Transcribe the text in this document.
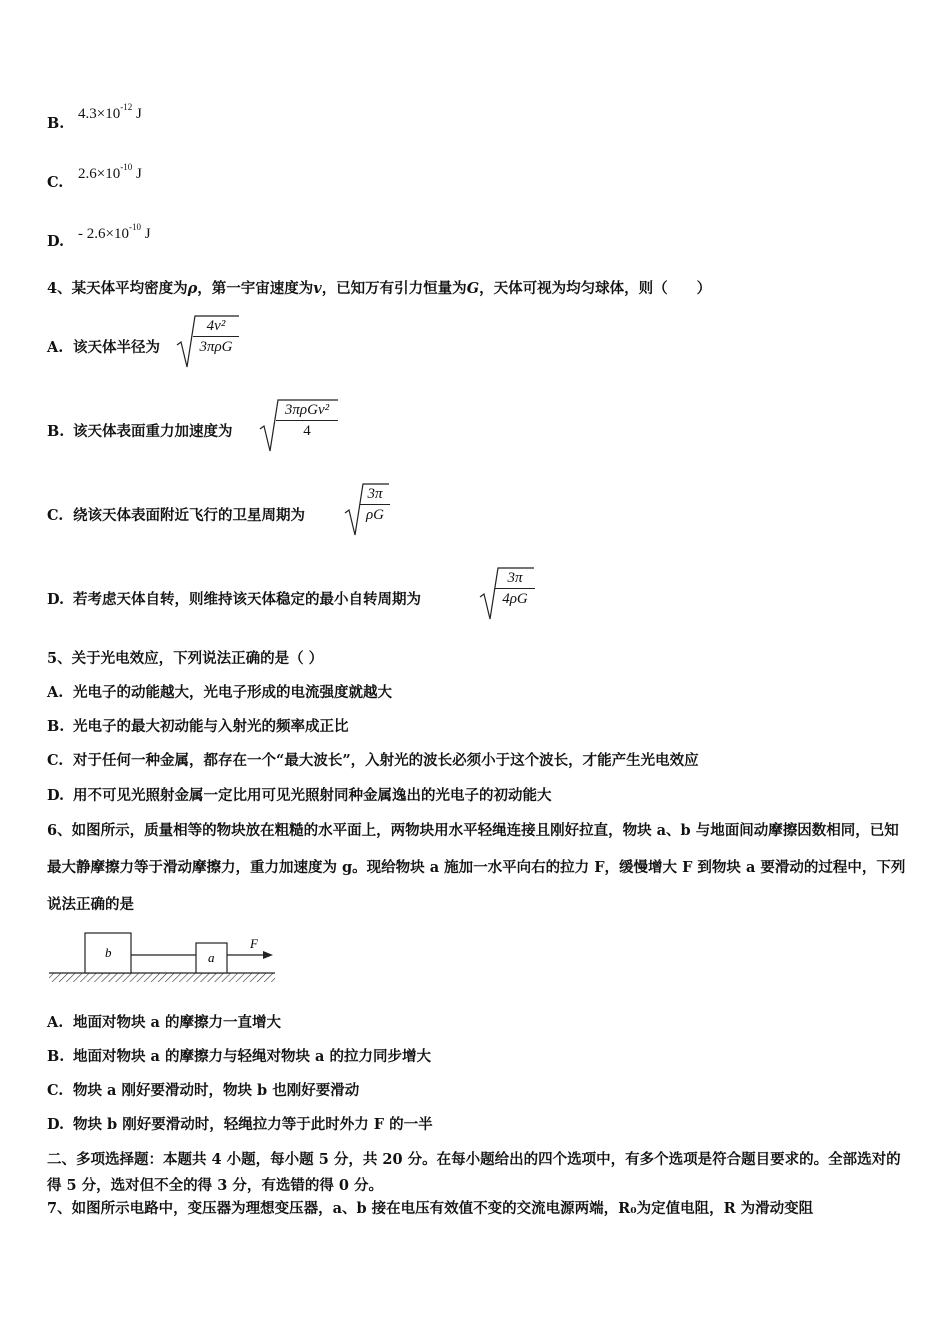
B.
$4.3\times 10^{-12}$ J
C. $2.6\times 10^{-10}$ J
D. - $2.6\times 10^{-10}$ J
4、某天体平均密度为ρ，第一宇宙速度为v，已知万有引力恒量为G，天体可视为均匀球体，则（　　）
A. 该天体半径为
4v²
3πρG
B. 该天体表面重力加速度为
3πρGv²
4
C. 绕该天体表面附近飞行的卫星周期为
3π
ρG
D. 若考虑天体自转，则维持该天体稳定的最小自转周期为
3π
4ρG
5、关于光电效应，下列说法正确的是（ ）
A. 光电子的动能越大，光电子形成的电流强度就越大
B. 光电子的最大初动能与入射光的频率成正比
C. 对于任何一种金属，都存在一个“最大波长”，入射光的波长必须小于这个波长，才能产生光电效应
D. 用不可见光照射金属一定比用可见光照射同种金属逸出的光电子的初动能大
6、如图所示，质量相等的物块放在粗糙的水平面上，两物块用水平轻绳连接且刚好拉直，物块 a、b 与地面间动摩擦因数相同，已知最大静摩擦力等于滑动摩擦力，重力加速度为 g。现给物块 a 施加一水平向右的拉力 F，缓慢增大 F 到物块 a 要滑动的过程中，下列说法正确的是
b	a
F
A. 地面对物块 a 的摩擦力一直增大
B. 地面对物块 a 的摩擦力与轻绳对物块 a 的拉力同步增大
C. 物块 a 刚好要滑动时，物块 b 也刚好要滑动
D. 物块 b 刚好要滑动时，轻绳拉力等于此时外力 F 的一半
二、多项选择题：本题共 4 小题，每小题 5 分，共 20 分。在每小题给出的四个选项中，有多个选项是符合题目要求的。全部选对的得 5 分，选对但不全的得 3 分，有选错的得 0 分。
7、如图所示电路中，变压器为理想变压器，a、b 接在电压有效值不变的交流电源两端，R₀为定值电阻，R 为滑动变阻
